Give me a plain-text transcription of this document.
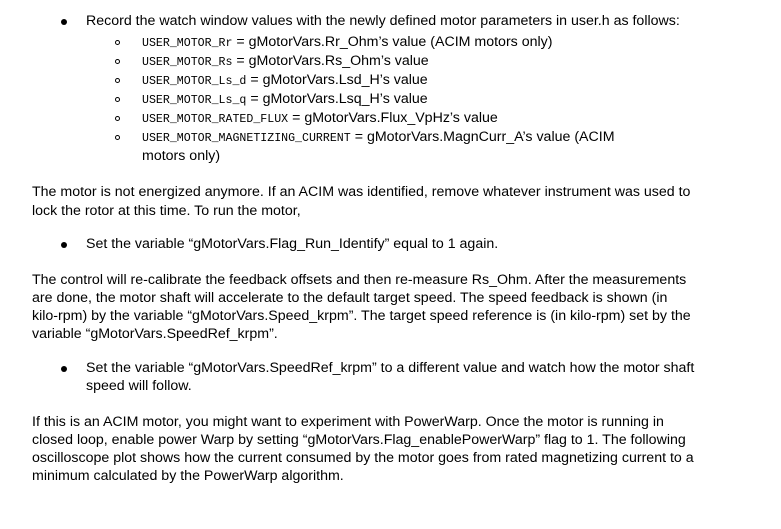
Record the watch window values with the newly defined motor parameters in user.h as follows:
USER_MOTOR_Rr = gMotorVars.Rr_Ohm’s value (ACIM motors only)
USER_MOTOR_Rs = gMotorVars.Rs_Ohm’s value
USER_MOTOR_Ls_d = gMotorVars.Lsd_H’s value
USER_MOTOR_Ls_q = gMotorVars.Lsq_H’s value
USER_MOTOR_RATED_FLUX = gMotorVars.Flux_VpHz’s value
USER_MOTOR_MAGNETIZING_CURRENT = gMotorVars.MagnCurr_A’s value (ACIM
motors only)
The motor is not energized anymore. If an ACIM was identified, remove whatever instrument was used to
lock the rotor at this time. To run the motor,
Set the variable “gMotorVars.Flag_Run_Identify” equal to 1 again.
The control will re-calibrate the feedback offsets and then re-measure Rs_Ohm. After the measurements
are done, the motor shaft will accelerate to the default target speed. The speed feedback is shown (in
kilo-rpm) by the variable “gMotorVars.Speed_krpm”. The target speed reference is (in kilo-rpm) set by the
variable “gMotorVars.SpeedRef_krpm”.
Set the variable “gMotorVars.SpeedRef_krpm” to a different value and watch how the motor shaft
speed will follow.
If this is an ACIM motor, you might want to experiment with PowerWarp. Once the motor is running in
closed loop, enable power Warp by setting “gMotorVars.Flag_enablePowerWarp” flag to 1. The following
oscilloscope plot shows how the current consumed by the motor goes from rated magnetizing current to a
minimum calculated by the PowerWarp algorithm.
